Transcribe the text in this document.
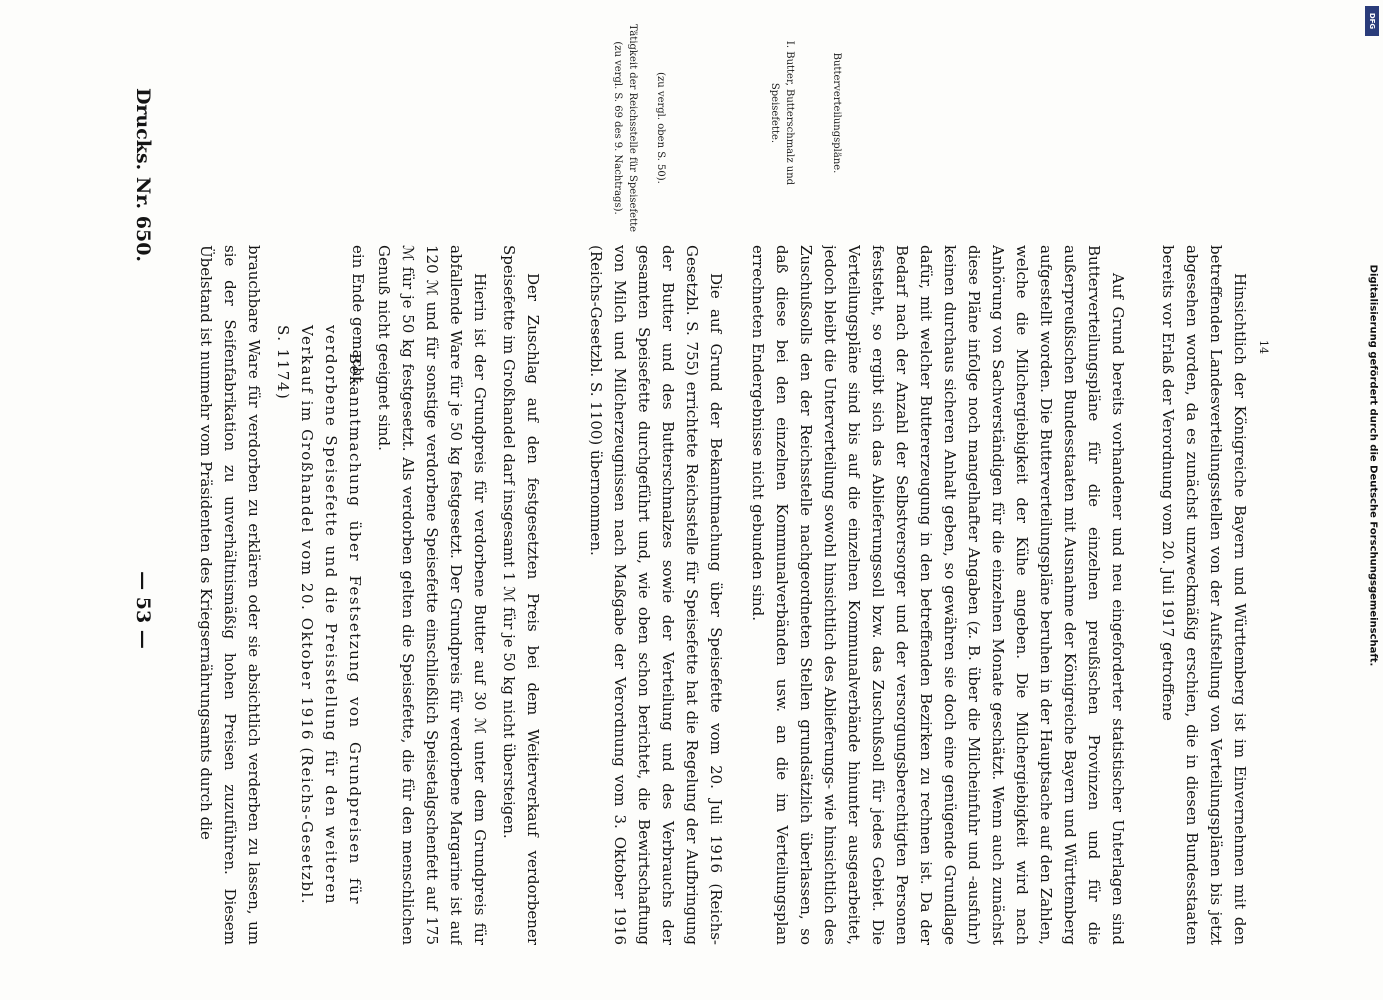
brauchbare Ware für verdorben zu erklären oder sie absichtlich verderben zu lassen, um sie der Seifenfabrikation zu unverhältnismäßig hohen Preisen zuzuführen. Diesem Übelstand ist nunmehr vom Präsidenten des Kriegsernährungsamts durch die	Bekanntmachung über Festsetzung von Grundpreisen für verdorbene Speisefette und die Preisstellung für den weiteren Verkauf im Großhandel vom 20. Oktober 1916 (Reichs-Gesetzbl. S. 1174)	ein Ende gemacht.	Hierin ist der Grundpreis für verdorbene Butter auf 30 ℳ unter dem Grundpreis für abfallende Ware für je 50 kg festgesetzt. Der Grundpreis für verdorbene Margarine ist auf 120 ℳ und für sonstige verdorbene Speisefette einschließlich Speisetalgschenfett auf 175 ℳ für je 50 kg festgesetzt. Als verdorben gelten die Speisefette, die für den menschlichen Genuß nicht geeignet sind.	Der Zuschlag auf den festgesetzten Preis bei dem Weiterverkauf verdorbener Speisefette im Großhandel darf insgesamt 1 ℳ für je 50 kg nicht übersteigen.	Die auf Grund der Bekanntmachung über Speisefette vom 20. Juli 1916 (Reichs-Gesetzbl. S. 755) errichtete Reichsstelle für Speisefette hat die Regelung der Aufbringung der Butter und des Butterschmalzes sowie der Verteilung und des Verbrauchs der gesamten Speisefette durchgeführt und, wie oben schon berichtet, die Bewirtschaftung von Milch und Milcherzeugnissen nach Maßgabe der Verordnung vom 3. Oktober 1916 (Reichs-Gesetzbl. S. 1100) übernommen.	Auf Grund bereits vorhandener und neu eingeforderter statistischer Unterlagen sind Butterverteilungspläne für die einzelnen preußischen Provinzen und für die außerpreußischen Bundesstaaten mit Ausnahme der Königreiche Bayern und Württemberg aufgestellt worden. Die Butterverteilungspläne beruhen in der Hauptsache auf den Zahlen, welche die Milchergiebigkeit der Kühe angeben. Die Milchergiebigkeit wird nach Anhörung von Sachverständigen für die einzelnen Monate geschätzt. Wenn auch zunächst diese Pläne infolge noch mangelhafter Angaben (z. B. über die Milcheinfuhr und -ausfuhr) keinen durchaus sicheren Anhalt geben, so gewähren sie doch eine genügende Grundlage dafür, mit welcher Buttererzeugung in den betreffenden Bezirken zu rechnen ist. Da der Bedarf nach der Anzahl der Selbstversorger und der versorgungsberechtigten Personen feststeht, so ergibt sich das Ablieferungssoll bzw. das Zuschußsoll für jedes Gebiet. Die Verteilungspläne sind bis auf die einzelnen Kommunalverbände hinunter ausgearbeitet, jedoch bleibt die Unterverteilung sowohl hinsichtlich des Ablieferungs- wie hinsichtlich des Zuschußsolls den der Reichsstelle nachgeordneten Stellen grundsätzlich überlassen, so daß diese bei den einzelnen Kommunalverbänden usw. an die im Verteilungsplan errechneten Endergebnisse nicht gebunden sind.	Hinsichtlich der Königreiche Bayern und Württemberg ist im Einvernehmen mit den betreffenden Landesverteilungsstellen von der Aufstellung von Verteilungsplänen bis jetzt abgesehen worden, da es zunächst unzweckmäßig erschien, die in diesen Bundesstaaten bereits vor Erlaß der Verordnung vom 20. Juli 1917 getroffene
Tätigkeit der Reichsstelle für Speisefette (zu vergl. S. 69 des 9. Nachtrags).	(zu vergl. oben S. 50).	I. Butter, Butterschmalz und Speisefette.	Butterverteilungspläne.
— 53 —
Drucks. Nr. 650.
14
DFG
Digitalisierung gefördert durch die Deutsche Forschungsgemeinschaft.
